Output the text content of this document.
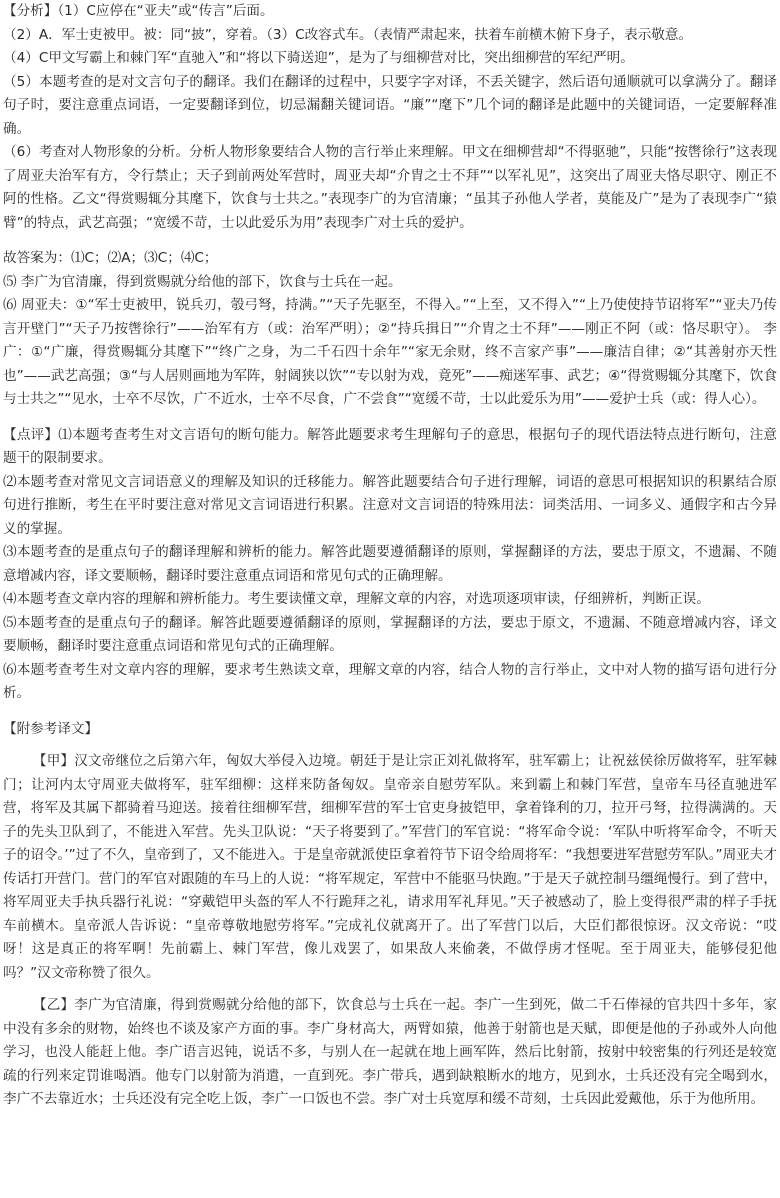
【分析】（1）C应停在“亚夫”或“传言”后面。

（2）A．军士吏被甲。被：同“披”，穿着。（3）C改容式车。（表情严肃起来，扶着车前横木俯下身子，表示敬意。

（4）C甲文写霸上和棘门军“直驰入”和“将以下骑送迎”，是为了与细柳营对比，突出细柳营的军纪严明。

（5）本题考查的是对文言句子的翻译。我们在翻译的过程中，只要字字对译，不丢关键字，然后语句通顺就可以拿满分了。翻译句子时，要注意重点词语，一定要翻译到位，切忌漏翻关键词语。“廉”“麾下”几个词的翻译是此题中的关键词语，一定要解释准确。

（6）考查对人物形象的分析。分析人物形象要结合人物的言行举止来理解。甲文在细柳营却“不得驱驰”，只能“按辔徐行”这表现了周亚夫治军有方，令行禁止；天子到前两处军营时，周亚夫却“介胄之士不拜”“以军礼见”，这突出了周亚夫恪尽职守、刚正不阿的性格。乙文“得赏赐辄分其麾下，饮食与士共之。”表现李广的为官清廉；“虽其子孙他人学者，莫能及广”是为了表现李广“猿臂”的特点，武艺高强；“宽缓不苛，士以此爱乐为用”表现李广对士兵的爱护。

故答案为：⑴C；⑵A；⑶C；⑷C；

⑸ 李广为官清廉，得到赏赐就分给他的部下，饮食与士兵在一起。

⑹ 周亚夫：①“军士吏被甲，锐兵刃，彀弓弩，持满。”“天子先驱至，不得入。”“上至，又不得入”“上乃使使持节诏将军”“亚夫乃传言开壁门”“天子乃按辔徐行”——治军有方（或：治军严明）；②“持兵揖日”“介胄之士不拜”——刚正不阿（或：恪尽职守）。 李广：①“广廉，得赏赐辄分其麾下”“终广之身，为二千石四十余年”“家无余财，终不言家产事”——廉洁自律；②“其善射亦天性也”——武艺高强；③“与人居则画地为军阵，射阔狭以饮”“专以射为戏，竟死”——痴迷军事、武艺；④“得赏赐辄分其麾下，饮食与士共之”“见水，士卒不尽饮，广不近水，士卒不尽食，广不尝食”“宽缓不苛，士以此爱乐为用”——爱护士兵（或：得人心）。

【点评】⑴本题考查考生对文言语句的断句能力。解答此题要求考生理解句子的意思，根据句子的现代语法特点进行断句，注意题干的限制要求。

⑵本题考查对常见文言词语意义的理解及知识的迁移能力。解答此题要结合句子进行理解，词语的意思可根据知识的积累结合原句进行推断，考生在平时要注意对常见文言词语进行积累。注意对文言词语的特殊用法：词类活用、一词多义、通假字和古今异义的掌握。

⑶本题考查的是重点句子的翻译理解和辨析的能力。解答此题要遵循翻译的原则，掌握翻译的方法，要忠于原文，不遗漏、不随意增减内容，译文要顺畅，翻译时要注意重点词语和常见句式的正确理解。

⑷本题考查文章内容的理解和辨析能力。考生要读懂文章，理解文章的内容，对选项逐项审读，仔细辨析，判断正误。

⑸本题考查的是重点句子的翻译。解答此题要遵循翻译的原则，掌握翻译的方法，要忠于原文，不遗漏、不随意增减内容，译文要顺畅，翻译时要注意重点词语和常见句式的正确理解。

⑹本题考查考生对文章内容的理解，要求考生熟读文章，理解文章的内容，结合人物的言行举止，文中对人物的描写语句进行分析。

【附参考译文】

【甲】汉文帝继位之后第六年，匈奴大举侵入边境。朝廷于是让宗正刘礼做将军，驻军霸上；让祝兹侯徐厉做将军，驻军棘门；让河内太守周亚夫做将军，驻军细柳：这样来防备匈奴。皇帝亲自慰劳军队。来到霸上和棘门军营，皇帝车马径直驰进军营，将军及其属下都骑着马迎送。接着往细柳军营，细柳军营的军士官吏身披铠甲，拿着锋利的刀，拉开弓弩，拉得满满的。天子的先头卫队到了，不能进入军营。先头卫队说：“天子将要到了。”军营门的军官说：“将军命令说：‘军队中听将军命令，不听天子的诏令。’”过了不久，皇帝到了，又不能进入。于是皇帝就派使臣拿着符节下诏令给周将军：“我想要进军营慰劳军队。”周亚夫才传话打开营门。营门的军官对跟随的车马上的人说：“将军规定，军营中不能驱马快跑。”于是天子就控制马缰绳慢行。到了营中，将军周亚夫手执兵器行礼说：“穿戴铠甲头盔的军人不行跪拜之礼，请求用军礼拜见。”天子被感动了，脸上变得很严肃的样子手抚车前横木。皇帝派人告诉说：“皇帝尊敬地慰劳将军。”完成礼仪就离开了。出了军营门以后，大臣们都很惊讶。汉文帝说：“哎呀！这是真正的将军啊！先前霸上、棘门军营，像儿戏罢了，如果敌人来偷袭，不做俘虏才怪呢。至于周亚夫，能够侵犯他吗？”汉文帝称赞了很久。

【乙】李广为官清廉，得到赏赐就分给他的部下，饮食总与士兵在一起。李广一生到死，做二千石俸禄的官共四十多年，家中没有多余的财物，始终也不谈及家产方面的事。李广身材高大，两臂如猿，他善于射箭也是天赋，即便是他的子孙或外人向他学习，也没人能赶上他。李广语言迟钝，说话不多，与别人在一起就在地上画军阵，然后比射箭，按射中较密集的行列还是较宽疏的行列来定罚谁喝酒。他专门以射箭为消遣，一直到死。李广带兵，遇到缺粮断水的地方，见到水，士兵还没有完全喝到水，李广不去靠近水；士兵还没有完全吃上饭，李广一口饭也不尝。李广对士兵宽厚和缓不苛刻，士兵因此爱戴他，乐于为他所用。
